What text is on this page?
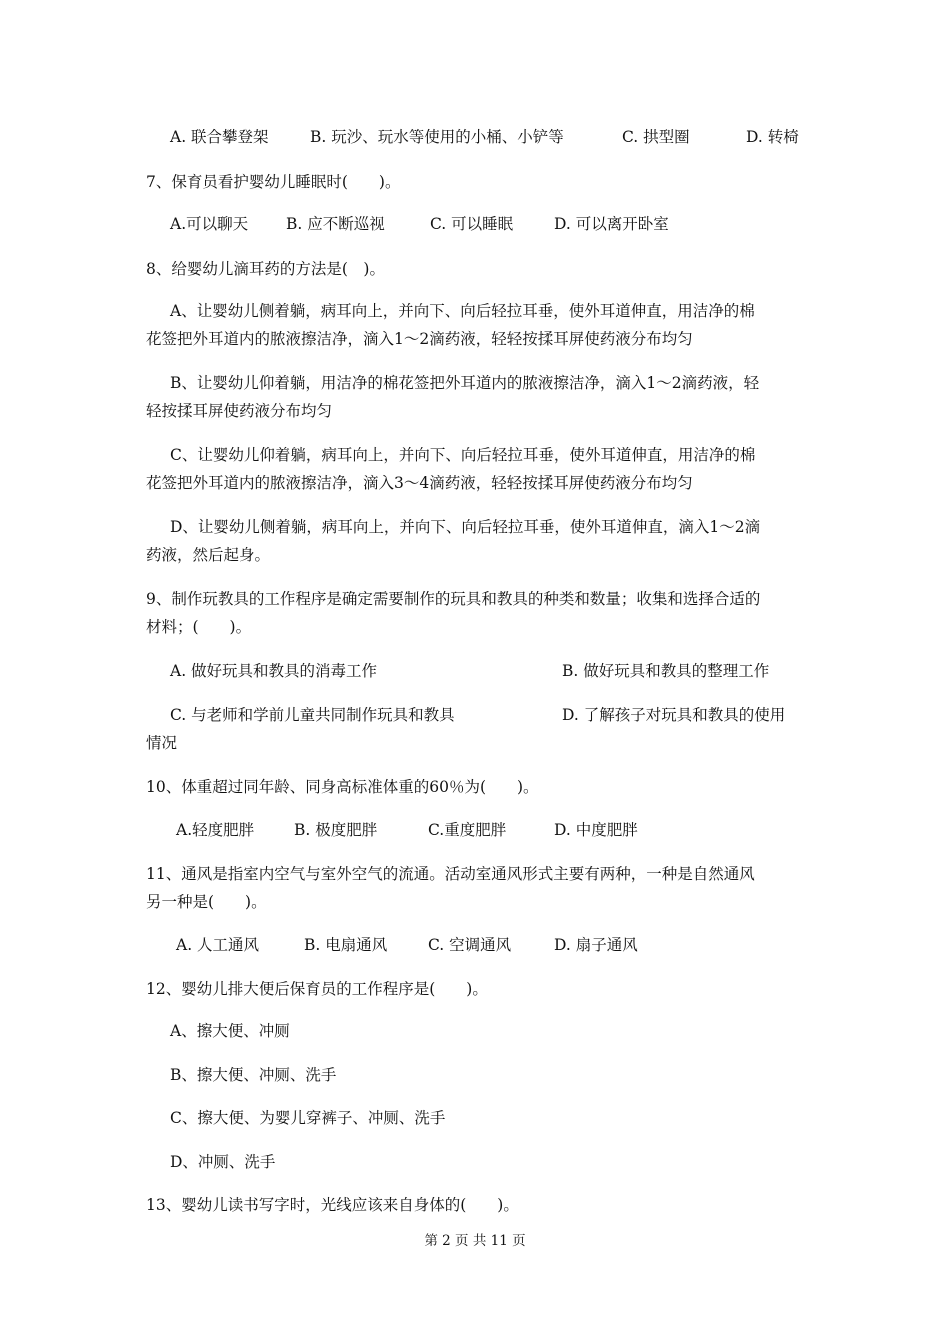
A. 联合攀登架	B. 玩沙、玩水等使用的小桶、小铲等	C. 拱型圈	D. 转椅
7、保育员看护婴幼儿睡眠时(　　)。
A.可以聊天 B. 应不断巡视	C. 可以睡眠	D. 可以离开卧室
8、给婴幼儿滴耳药的方法是(　)。
A、让婴幼儿侧着躺，病耳向上，并向下、向后轻拉耳垂，使外耳道伸直，用洁净的棉
花签把外耳道内的脓液擦洁净，滴入1～2滴药液，轻轻按揉耳屏使药液分布均匀
B、让婴幼儿仰着躺，用洁净的棉花签把外耳道内的脓液擦洁净，滴入1～2滴药液，轻
轻按揉耳屏使药液分布均匀
C、让婴幼儿仰着躺，病耳向上，并向下、向后轻拉耳垂，使外耳道伸直，用洁净的棉
花签把外耳道内的脓液擦洁净，滴入3～4滴药液，轻轻按揉耳屏使药液分布均匀
D、让婴幼儿侧着躺，病耳向上，并向下、向后轻拉耳垂，使外耳道伸直，滴入1～2滴
药液，然后起身。
9、制作玩教具的工作程序是确定需要制作的玩具和教具的种类和数量；收集和选择合适的
材料；(　　)。
A. 做好玩具和教具的消毒工作	B. 做好玩具和教具的整理工作
C. 与老师和学前儿童共同制作玩具和教具	D. 了解孩子对玩具和教具的使用
情况
10、体重超过同年龄、同身高标准体重的60％为(　　)。
A.轻度肥胖	B. 极度肥胖	C.重度肥胖	D. 中度肥胖
11、通风是指室内空气与室外空气的流通。活动室通风形式主要有两种，一种是自然通风
另一种是(　　)。
A. 人工通风	B. 电扇通风	C. 空调通风	D. 扇子通风
12、婴幼儿排大便后保育员的工作程序是(　　)。
A、擦大便、冲厕
B、擦大便、冲厕、洗手
C、擦大便、为婴儿穿裤子、冲厕、洗手
D、冲厕、洗手
13、婴幼儿读书写字时，光线应该来自身体的(　　)。
第 2 页 共 11 页
